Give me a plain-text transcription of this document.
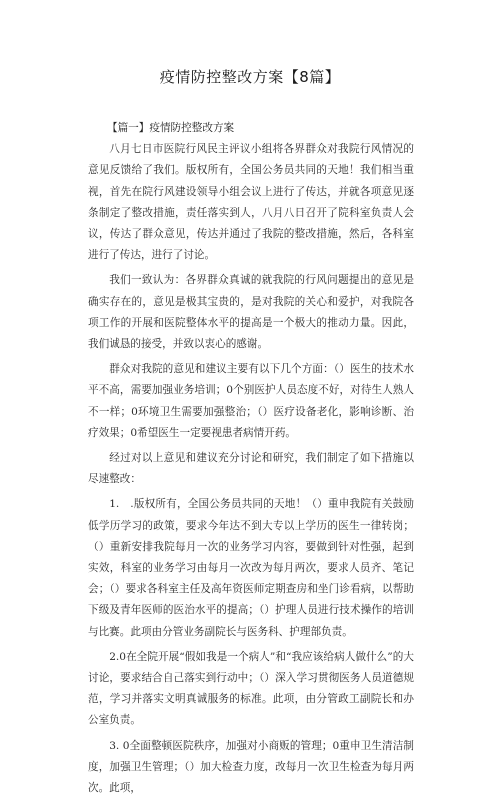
疫情防控整改方案【8篇】

【篇一】疫情防控整改方案

八月七日市医院行风民主评议小组将各界群众对我院行风情况的意见反馈给了我们。版权所有，全国公务员共同的天地！我们相当重视，首先在院行风建设领导小组会议上进行了传达，并就各项意见逐条制定了整改措施，责任落实到人，八月八日召开了院科室负责人会议，传达了群众意见，传达并通过了我院的整改措施，然后，各科室进行了传达，进行了讨论。

我们一致认为：各界群众真诚的就我院的行风问题提出的意见是确实存在的，意见是极其宝贵的，是对我院的关心和爱护，对我院各项工作的开展和医院整体水平的提高是一个极大的推动力量。因此，我们诚恳的接受，并致以衷心的感谢。

群众对我院的意见和建议主要有以下几个方面：（）医生的技术水平不高，需要加强业务培训；0个别医护人员态度不好，对待生人熟人不一样；0环境卫生需要加强整治；（）医疗设备老化，影响诊断、治疗效果；0希望医生一定要视患者病情开药。

经过对以上意见和建议充分讨论和研究，我们制定了如下措施以尽速整改：

1.　.版权所有，全国公务员共同的天地！（）重申我院有关鼓励低学历学习的政策，要求今年达不到大专以上学历的医生一律转岗；（）重新安排我院每月一次的业务学习内容，要做到针对性强，起到实效，科室的业务学习由每月一次改为每月两次，要求人员齐、笔记会；（）要求各科室主任及高年资医师定期查房和坐门诊看病，以帮助下级及青年医师的医治水平的提高；（）护理人员进行技术操作的培训与比赛。此项由分管业务副院长与医务科、护理部负责。

2.0在全院开展“假如我是一个病人”和“我应该给病人做什么”的大讨论，要求结合自己落实到行动中；（）深入学习贯彻医务人员道德规范，学习并落实文明真诚服务的标准。此项，由分管政工副院长和办公室负责。

3. 0全面整顿医院秩序，加强对小商贩的管理；0重申卫生清洁制度，加强卫生管理；（）加大检查力度，改每月一次卫生检查为每月两次。此项，
